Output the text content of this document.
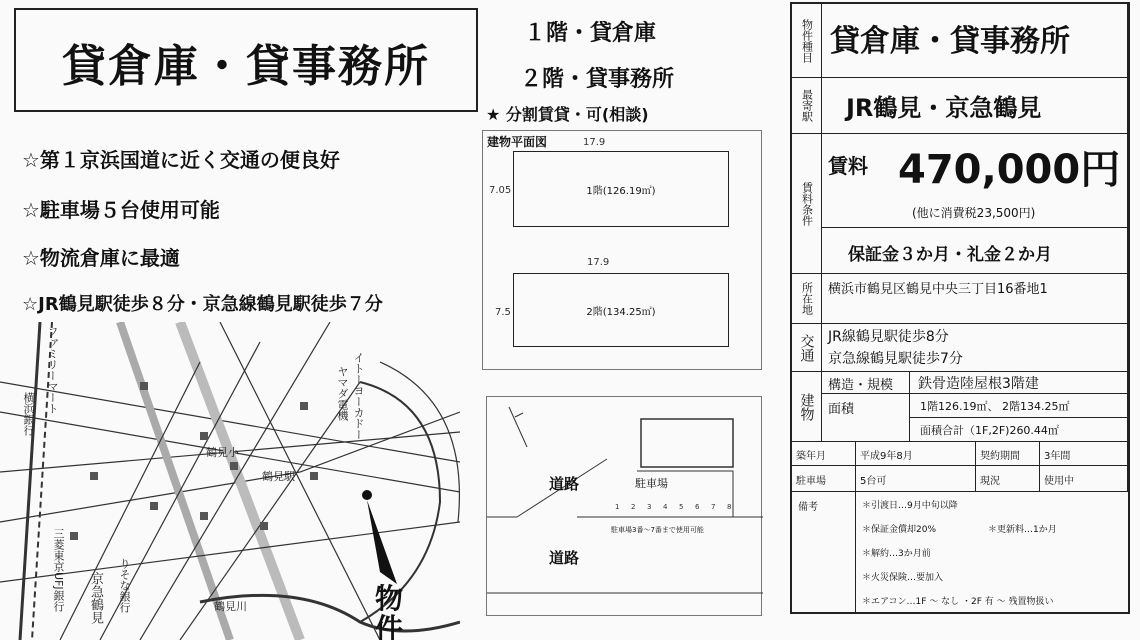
貸倉庫・貸事務所
☆第１京浜国道に近く交通の便良好
☆駐車場５台使用可能
☆物流倉庫に最適
☆JR鶴見駅徒歩８分・京急線鶴見駅徒歩７分
ファミリーマート
鶴見小
鶴見駅
イトーヨーカドー
ヤマダ電機
京急鶴見 りそな銀行
三菱東京UFJ銀行
横浜銀行
鶴見川	物件
１階・貸倉庫
２階・貸事務所
★ 分割賃貸・可(相談)
建物平面図	17.9
7.05	1階(126.19㎡)
17.9
7.5	2階(134.25㎡)
1 2 3 4 5 6 7 8
道路
道路
駐車場
駐車場3番〜7番まで使用可能
物件種目 貸倉庫・貸事務所
最寄駅	JR鶴見・京急鶴見
賃料条件
賃料 470,000円
(他に消費税23,500円)
保証金３か月・礼金２か月
所在地	横浜市鶴見区鶴見中央三丁目16番地1
交通 JR線鶴見駅徒歩8分
京急線鶴見駅徒歩7分
建物
構造・規模	鉄骨造陸屋根3階建
面積	1階126.19㎡、 2階134.25㎡
面積合計（1F,2F)260.44㎡
築年月	平成9年8月	契約期間	3年間
駐車場	5台可	現況	使用中
備考	＊引渡日…9月中旬以降
＊保証金償却20%	＊更新料…1か月
＊解約…3か月前
＊火災保険…要加入
＊エアコン…1F 〜 なし ・2F 有 〜 残置物扱い
